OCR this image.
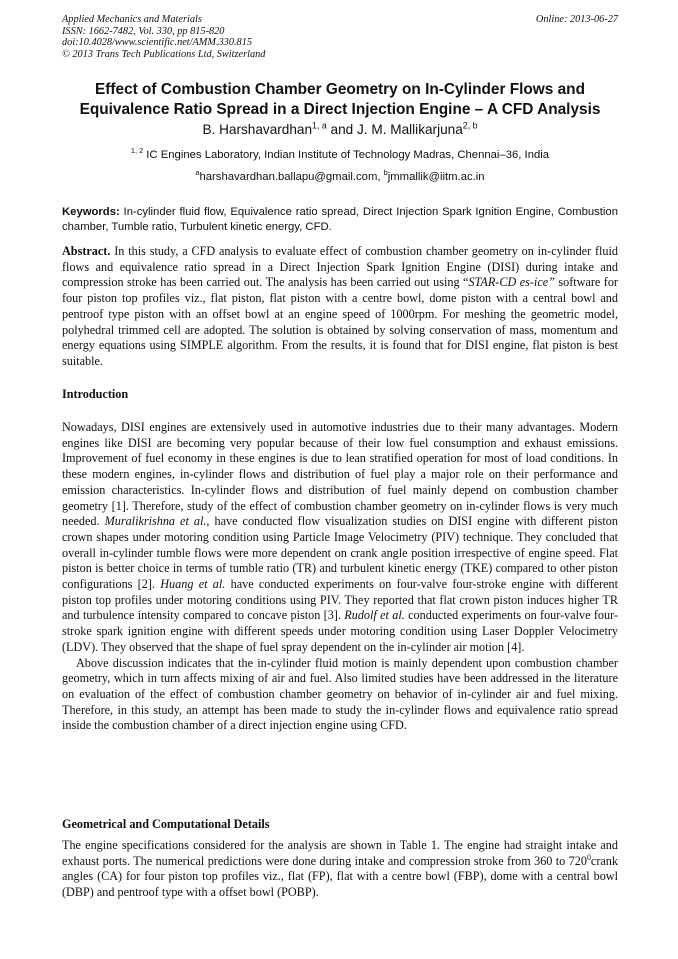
Applied Mechanics and Materials
ISSN: 1662-7482, Vol. 330, pp 815-820
doi:10.4028/www.scientific.net/AMM.330.815
© 2013 Trans Tech Publications Ltd, Switzerland
Online: 2013-06-27
Effect of Combustion Chamber Geometry on In-Cylinder Flows and
Equivalence Ratio Spread in a Direct Injection Engine – A CFD Analysis
B. Harshavardhan$^{1, a}$ and J. M. Mallikarjuna$^{2, b}$
$^{1, 2}$ IC Engines Laboratory, Indian Institute of Technology Madras, Chennai–36, India
$^a$harshavardhan.ballapu@gmail.com, $^b$jmmallik@iitm.ac.in
Keywords: In-cylinder fluid flow, Equivalence ratio spread, Direct Injection Spark Ignition Engine, Combustion chamber, Tumble ratio, Turbulent kinetic energy, CFD.

Abstract. In this study, a CFD analysis to evaluate effect of combustion chamber geometry on in-cylinder fluid flows and equivalence ratio spread in a Direct Injection Spark Ignition Engine (DISI) during intake and compression stroke has been carried out. The analysis has been carried out using “STAR-CD es-ice” software for four piston top profiles viz., flat piston, flat piston with a centre bowl, dome piston with a central bowl and pentroof type piston with an offset bowl at an engine speed of 1000rpm. For meshing the geometric model, polyhedral trimmed cell are adopted. The solution is obtained by solving conservation of mass, momentum and energy equations using SIMPLE algorithm. From the results, it is found that for DISI engine, flat piston is best suitable.

Introduction

Nowadays, DISI engines are extensively used in automotive industries due to their many advantages. Modern engines like DISI are becoming very popular because of their low fuel consumption and exhaust emissions. Improvement of fuel economy in these engines is due to lean stratified operation for most of load conditions. In these modern engines, in-cylinder flows and distribution of fuel play a major role on their performance and emission characteristics. In-cylinder flows and distribution of fuel mainly depend on combustion chamber geometry [1]. Therefore, study of the effect of combustion chamber geometry on in-cylinder flows is very much needed. Muralikrishna et al., have conducted flow visualization studies on DISI engine with different piston crown shapes under motoring condition using Particle Image Velocimetry (PIV) technique. They concluded that overall in-cylinder tumble flows were more dependent on crank angle position irrespective of engine speed. Flat piston is better choice in terms of tumble ratio (TR) and turbulent kinetic energy (TKE) compared to other piston configurations [2]. Huang et al. have conducted experiments on four-valve four-stroke engine with different piston top profiles under motoring conditions using PIV. They reported that flat crown piston induces higher TR and turbulence intensity compared to concave piston [3]. Rudolf et al. conducted experiments on four-valve four-stroke spark ignition engine with different speeds under motoring condition using Laser Doppler Velocimetry (LDV). They observed that the shape of fuel spray dependent on the in-cylinder air motion [4].

Above discussion indicates that the in-cylinder fluid motion is mainly dependent upon combustion chamber geometry, which in turn affects mixing of air and fuel. Also limited studies have been addressed in the literature on evaluation of the effect of combustion chamber geometry on behavior of in-cylinder air and fuel mixing. Therefore, in this study, an attempt has been made to study the in-cylinder flows and equivalence ratio spread inside the combustion chamber of a direct injection engine using CFD.

Geometrical and Computational Details

The engine specifications considered for the analysis are shown in Table 1. The engine had straight intake and exhaust ports. The numerical predictions were done during intake and compression stroke from 360 to $720^0crank$ angles (CA) for four piston top profiles viz., flat (FP), flat with a centre bowl (FBP), dome with a central bowl (DBP) and pentroof type with a offset bowl (POBP).
